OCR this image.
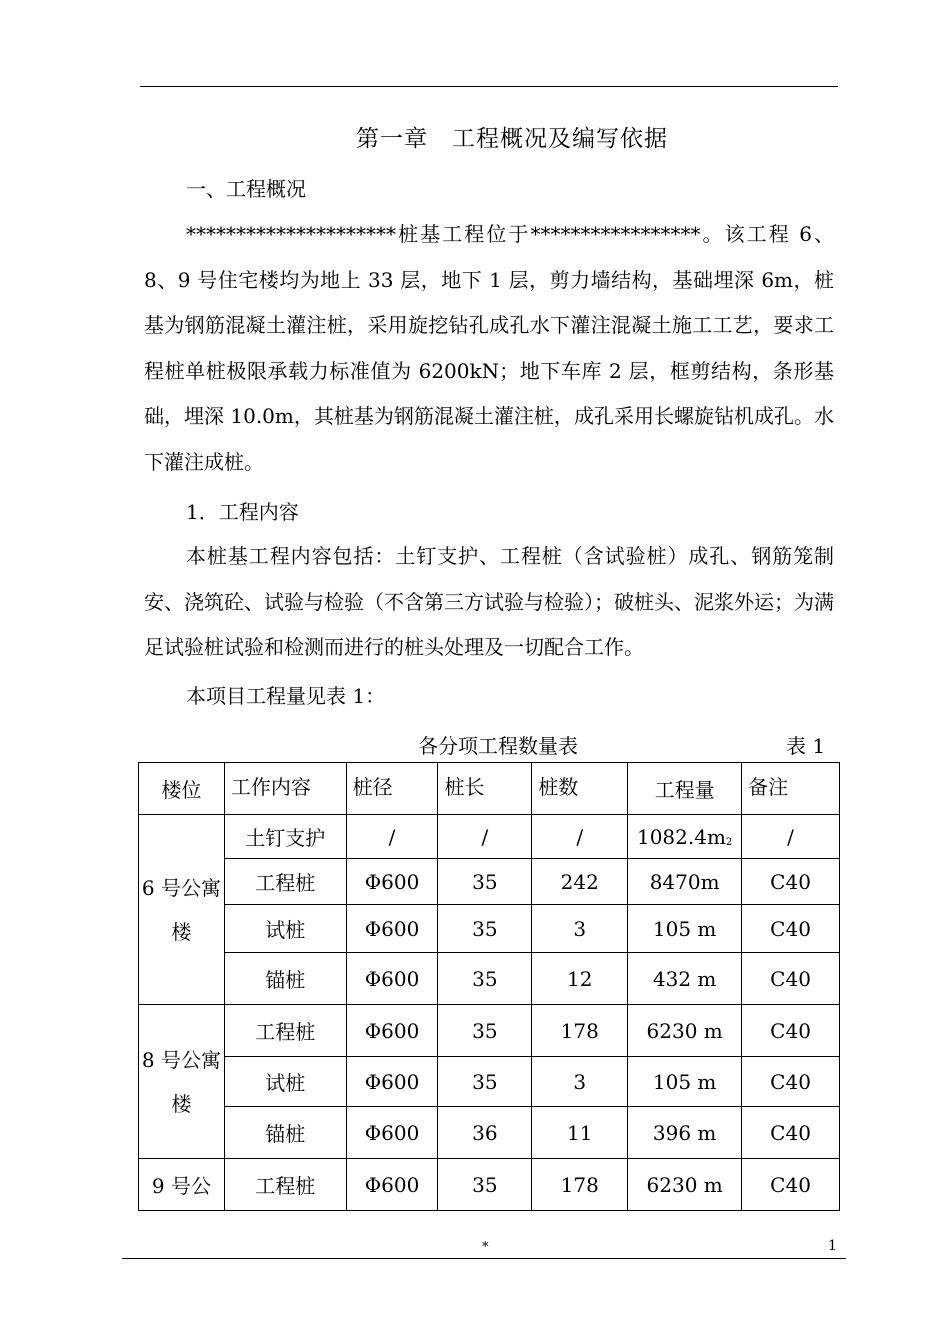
第一章　工程概况及编写依据
一、工程概况
*********************桩基工程位于*****************。该工程 6、8、9 号住宅楼均为地上 33 层，地下 1 层，剪力墙结构，基础埋深 6m，桩基为钢筋混凝土灌注桩，采用旋挖钻孔成孔水下灌注混凝土施工工艺，要求工程桩单桩极限承载力标准值为 6200kN；地下车库 2 层，框剪结构，条形基础，埋深 10.0m，其桩基为钢筋混凝土灌注桩，成孔采用长螺旋钻机成孔。水下灌注成桩。
1．工程内容
本桩基工程内容包括：土钉支护、工程桩（含试验桩）成孔、钢筋笼制安、浇筑砼、试验与检验（不含第三方试验与检验）；破桩头、泥浆外运；为满足试验桩试验和检测而进行的桩头处理及一切配合工作。
本项目工程量见表 1：
各分项工程数量表	表 1
楼位	工作内容	桩径	桩长	桩数	工程量	备注
6 号公寓楼	土钉支护	/	/	/	$1082.4m_2$	/
	工程桩	Φ600	35	242	8470m	C40
	试桩	Φ600	35	3	105 m	C40
	锚桩	Φ600	35	12	432 m	C40
8 号公寓楼	工程桩	Φ600	35	178	6230 m	C40
	试桩	Φ600	35	3	105 m	C40
	锚桩	Φ600	36	11	396 m	C40
9 号公	工程桩	Φ600	35	178	6230 m	C40
*	1
